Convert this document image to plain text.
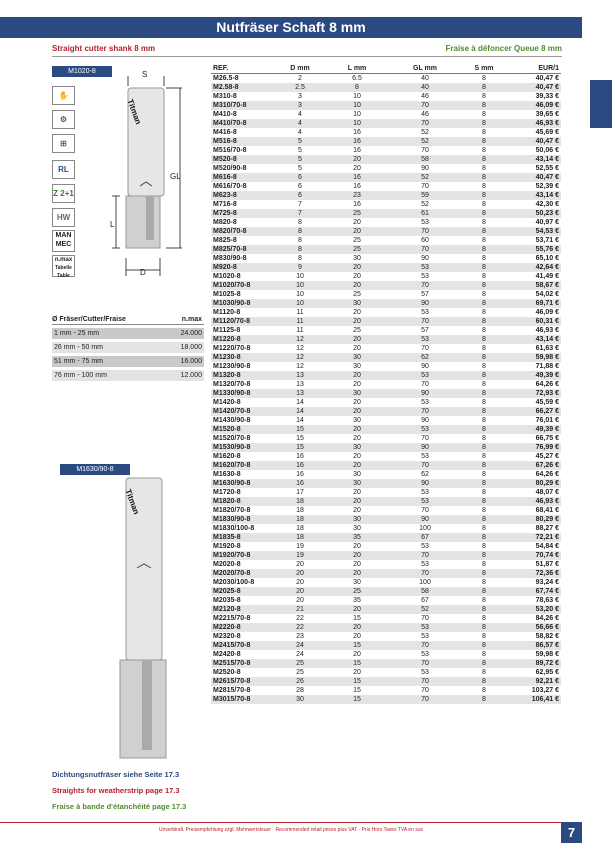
Nutfräser Schaft 8 mm
Straight cutter shank 8 mm	Fraise à défoncer Queue 8 mm
M1020-8
M1630/90-8
✋
⚙
⊞
RL
Z 2+1
HW
MAN
MEC
n.max
Tabelle
Table
S
GL
L
D
Titman
Titman
Ø Fräser/Cutter/Fraise	n.max
1 mm - 25 mm	24.000
26 mm - 50 mm	18.000
51 mm - 75 mm	16.000
76 mm - 100 mm	12.000
REF.	D mm	L mm	GL mm	S mm	EUR/1
M26.5-8	2	6.5	40	8	40,47 €
M2.58-8	2.5	8	40	8	40,47 €
M310-8	3	10	46	8	39,33 €
M310/70-8	3	10	70	8	46,09 €
M410-8	4	10	46	8	39,65 €
M410/70-8	4	10	70	8	46,93 €
M416-8	4	16	52	8	45,69 €
M516-8	5	16	52	8	40,47 €
M516/70-8	5	16	70	8	50,06 €
M520-8	5	20	58	8	43,14 €
M520/90-8	5	20	90	8	52,55 €
M616-8	6	16	52	8	40,47 €
M616/70-8	6	16	70	8	52,39 €
M623-8	6	23	59	8	43,14 €
M716-8	7	16	52	8	42,30 €
M725-8	7	25	61	8	50,23 €
M820-8	8	20	53	8	40,97 €
M820/70-8	8	20	70	8	54,53 €
M825-8	8	25	60	8	53,71 €
M825/70-8	8	25	70	8	55,76 €
M830/90-8	8	30	90	8	65,10 €
M920-8	9	20	53	8	42,64 €
M1020-8	10	20	53	8	41,49 €
M1020/70-8	10	20	70	8	58,67 €
M1025-8	10	25	57	8	54,02 €
M1030/90-8	10	30	90	8	69,71 €
M1120-8	11	20	53	8	46,09 €
M1120/70-8	11	20	70	8	60,31 €
M1125-8	11	25	57	8	46,93 €
M1220-8	12	20	53	8	43,14 €
M1220/70-8	12	20	70	8	61,63 €
M1230-8	12	30	62	8	59,98 €
M1230/90-8	12	30	90	8	71,88 €
M1320-8	13	20	53	8	49,39 €
M1320/70-8	13	20	70	8	64,26 €
M1330/90-8	13	30	90	8	72,93 €
M1420-8	14	20	53	8	45,59 €
M1420/70-8	14	20	70	8	66,27 €
M1430/90-8	14	30	90	8	76,01 €
M1520-8	15	20	53	8	49,39 €
M1520/70-8	15	20	70	8	66,75 €
M1530/90-8	15	30	90	8	76,99 €
M1620-8	16	20	53	8	45,27 €
M1620/70-8	16	20	70	8	67,26 €
M1630-8	16	30	62	8	64,26 €
M1630/90-8	16	30	90	8	80,29 €
M1720-8	17	20	53	8	48,07 €
M1820-8	18	20	53	8	46,93 €
M1820/70-8	18	20	70	8	68,41 €
M1830/90-8	18	30	90	8	80,29 €
M1830/100-8	18	30	100	8	88,27 €
M1835-8	18	35	67	8	72,21 €
M1920-8	19	20	53	8	54,84 €
M1920/70-8	19	20	70	8	70,74 €
M2020-8	20	20	53	8	51,87 €
M2020/70-8	20	20	70	8	72,36 €
M2030/100-8	20	30	100	8	93,24 €
M2025-8	20	25	58	8	67,74 €
M2035-8	20	35	67	8	78,63 €
M2120-8	21	20	52	8	53,20 €
M2215/70-8	22	15	70	8	84,26 €
M2220-8	22	20	53	8	56,66 €
M2320-8	23	20	53	8	58,82 €
M2415/70-8	24	15	70	8	86,57 €
M2420-8	24	20	53	8	59,98 €
M2515/70-8	25	15	70	8	89,72 €
M2520-8	25	20	53	8	62,95 €
M2615/70-8	26	15	70	8	92,21 €
M2815/70-8	28	15	70	8	103,27 €
M3015/70-8	30	15	70	8	106,41 €
Dichtungsnutfräser siehe Seite 17.3
Straights for weatherstrip page 17.3
Fraise à bande d'étanchéité page 17.3
Unverbindl. Preisempfehlung zzgl. Mehrwertsteuer · Recommended retail prices plus VAT · Prix Hors Taxes TVA en sus	7
